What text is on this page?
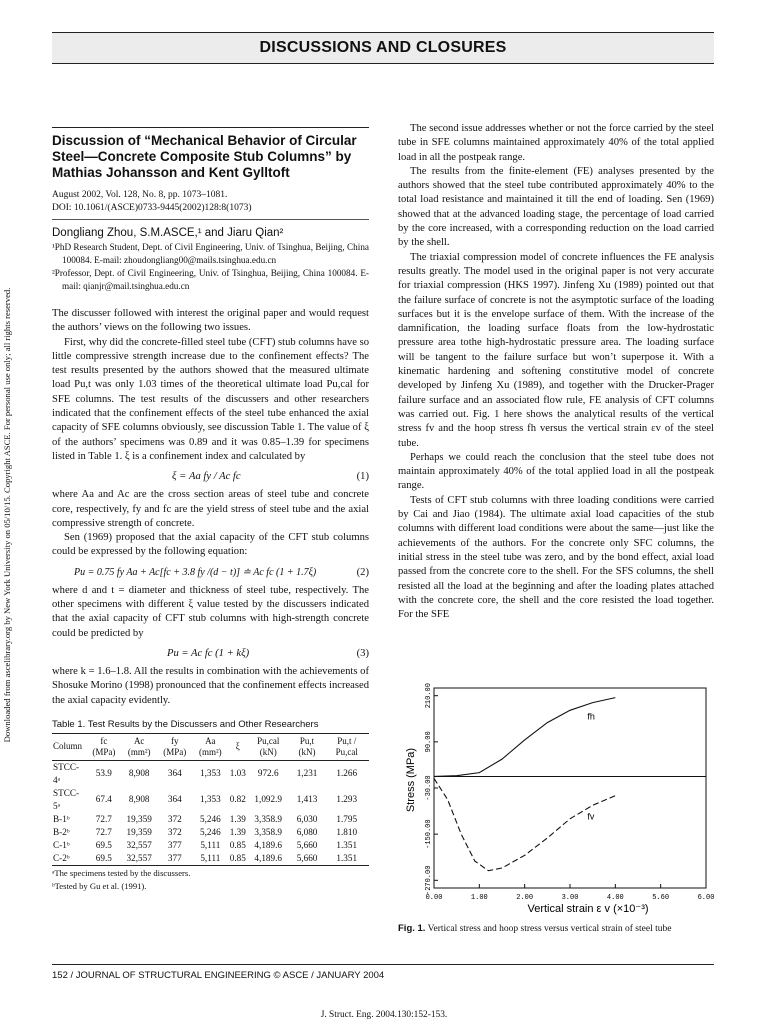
Downloaded from ascelibrary.org by New York University on 05/10/15. Copyright ASCE. For personal use only; all rights reserved.
DISCUSSIONS AND CLOSURES
Discussion of “Mechanical Behavior of Circular Steel—Concrete Composite Stub Columns” by Mathias Johansson and Kent Gylltoft
August 2002, Vol. 128, No. 8, pp. 1073–1081.
DOI: 10.1061/(ASCE)0733-9445(2002)128:8(1073)
Dongliang Zhou, S.M.ASCE,¹ and Jiaru Qian²

¹PhD Research Student, Dept. of Civil Engineering, Univ. of Tsinghua, Beijing, China 100084. E-mail: zhoudongliang00@mails.tsinghua.edu.cn

²Professor, Dept. of Civil Engineering, Univ. of Tsinghua, Beijing, China 100084. E-mail: qianjr@mail.tsinghua.edu.cn

The discusser followed with interest the original paper and would request the authors’ views on the following two issues.

First, why did the concrete-filled steel tube (CFT) stub columns have so little compressive strength increase due to the confinement effects? The test results presented by the authors showed that the measured ultimate load Pu,t was only 1.03 times of the theoretical ultimate load Pu,cal for SFE columns. The test results of the discussers and other researchers indicated that the confinement effects of the steel tube enhanced the axial capacity of SFE columns obviously, see discussion Table 1. The value of ξ of the authors’ specimens was 0.89 and it was 0.85–1.39 for specimens listed in Table 1. ξ is a confinement index and calculated by

ξ = Aa fy / Ac fc	(1)

where Aa and Ac are the cross section areas of steel tube and concrete core, respectively, fy and fc are the yield stress of steel tube and the axial compressive strength of concrete.

Sen (1969) proposed that the axial capacity of the CFT stub columns could be expressed by the following equation:

Pu = 0.75 fy Aa + Ac[fc + 3.8 fy /(d − t)] ≐ Ac fc (1 + 1.7ξ)	(2)

where d and t = diameter and thickness of steel tube, respectively. The other specimens with different ξ value tested by the discussers indicated that the axial capacity of CFT stub columns with high-strength concrete could be predicted by

Pu = Ac fc (1 + kξ)	(3)

where k = 1.6–1.8. All the results in combination with the achievements of Shosuke Morino (1998) pronounced that the confinement effects increased the axial capacity evidently.

Table 1. Test Results by the Discussers and Other Researchers
Column	fc (MPa)	Ac (mm²)	fy (MPa)	Aa (mm²)	ξ	Pu,cal (kN)	Pu,t (kN)	Pu,t / Pu,cal
STCC-4ᵃ	53.9	8,908	364	1,353	1.03	972.6	1,231	1.266
STCC-5ᵃ	67.4	8,908	364	1,353	0.82	1,092.9	1,413	1.293
B-1ᵇ	72.7	19,359	372	5,246	1.39	3,358.9	6,030	1.795
B-2ᵇ	72.7	19,359	372	5,246	1.39	3,358.9	6,080	1.810
C-1ᵇ	69.5	32,557	377	5,111	0.85	4,189.6	5,660	1.351
C-2ᵇ	69.5	32,557	377	5,111	0.85	4,189.6	5,660	1.351

ᵃThe specimens tested by the discussers.

ᵇTested by Gu et al. (1991).

The second issue addresses whether or not the force carried by the steel tube in SFE columns maintained approximately 40% of the total applied load in all the postpeak range.

The results from the finite-element (FE) analyses presented by the authors showed that the steel tube contributed approximately 40% to the total load resistance and maintained it till the end of loading. Sen (1969) showed that at the advanced loading stage, the percentage of load carried by the core increased, with a corresponding reduction on the load carried by the shell.

The triaxial compression model of concrete influences the FE analysis results greatly. The model used in the original paper is not very accurate for triaxial compression (HKS 1997). Jinfeng Xu (1989) pointed out that the failure surface of concrete is not the asymptotic surface of the loading surfaces but it is the envelope surface of them. With the increase of the damnification, the loading surface floats from the low-hydrostatic pressure area tothe high-hydrostatic pressure area. The loading surface will be tangent to the failure surface but won’t superpose it. With a kinematic hardening and softening constitutive model of concrete developed by Jinfeng Xu (1989), and together with the Drucker-Prager failure surface and an associated flow rule, FE analysis of CFT columns was carried out. Fig. 1 here shows the analytical results of the vertical stress fv and the hoop stress fh versus the vertical strain εv of the steel tube.

Perhaps we could reach the conclusion that the steel tube does not maintain approximately 40% of the total applied load in all the postpeak range.

Tests of CFT stub columns with three loading conditions were carried by Cai and Jiao (1984). The ultimate axial load capacities of the stub columns with different load conditions were about the same—just like the achievements of the authors. For the concrete only SFC columns, the initial stress in the steel tube was zero, and by the bond effect, axial load passed from the concrete core to the shell. For the SFS columns, the shell resisted all the load at the beginning and after the loading plates attached with the concrete core, the shell and the core resisted the load together. For the SFE

Stress (MPa)
Vertical strain ε v (×10⁻³)
0.00	1.00	2.00	3.00	4.00	5.60	6.00
210.00
90.00
-30.00
-150.00
-270.00
fh
fv
Fig. 1. Vertical stress and hoop stress versus vertical strain of steel tube
152 / JOURNAL OF STRUCTURAL ENGINEERING © ASCE / JANUARY 2004
J. Struct. Eng. 2004.130:152-153.
